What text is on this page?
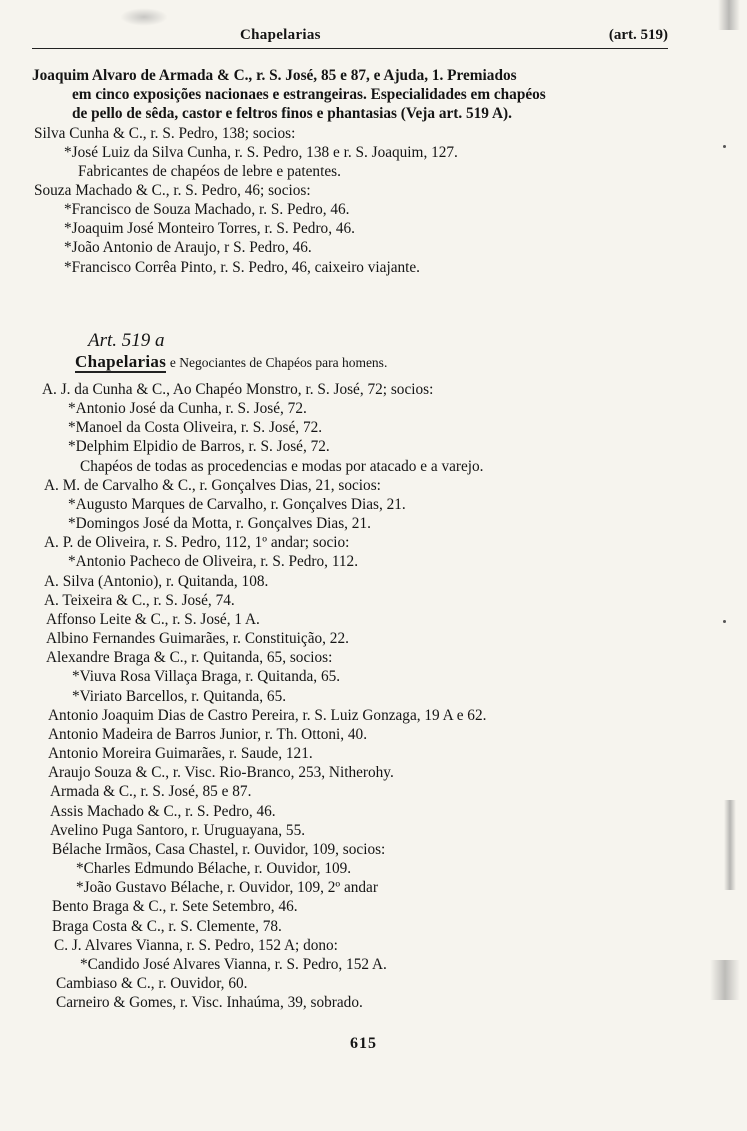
Chapelarias	(art. 519)
Joaquim Alvaro de Armada & C., r. S. José, 85 e 87, e Ajuda, 1. Premiados
em cinco exposições nacionaes e estrangeiras. Especialidades em chapéos
de pello de sêda, castor e feltros finos e phantasias (Veja art. 519 A).
Silva Cunha & C., r. S. Pedro, 138; socios:
*José Luiz da Silva Cunha, r. S. Pedro, 138 e r. S. Joaquim, 127.
Fabricantes de chapéos de lebre e patentes.
Souza Machado & C., r. S. Pedro, 46; socios:
*Francisco de Souza Machado, r. S. Pedro, 46.
*Joaquim José Monteiro Torres, r. S. Pedro, 46.
*João Antonio de Araujo, r S. Pedro, 46.
*Francisco Corrêa Pinto, r. S. Pedro, 46, caixeiro viajante.
Art. 519 a
Chapelarias e Negociantes de Chapéos para homens.
A. J. da Cunha & C., Ao Chapéo Monstro, r. S. José, 72; socios:
*Antonio José da Cunha, r. S. José, 72.
*Manoel da Costa Oliveira, r. S. José, 72.
*Delphim Elpidio de Barros, r. S. José, 72.
Chapéos de todas as procedencias e modas por atacado e a varejo.
A. M. de Carvalho & C., r. Gonçalves Dias, 21, socios:
*Augusto Marques de Carvalho, r. Gonçalves Dias, 21.
*Domingos José da Motta, r. Gonçalves Dias, 21.
A. P. de Oliveira, r. S. Pedro, 112, 1º andar; socio:
*Antonio Pacheco de Oliveira, r. S. Pedro, 112.
A. Silva (Antonio), r. Quitanda, 108.
A. Teixeira & C., r. S. José, 74.
Affonso Leite & C., r. S. José, 1 A.
Albino Fernandes Guimarães, r. Constituição, 22.
Alexandre Braga & C., r. Quitanda, 65, socios:
*Viuva Rosa Villaça Braga, r. Quitanda, 65.
*Viriato Barcellos, r. Quitanda, 65.
Antonio Joaquim Dias de Castro Pereira, r. S. Luiz Gonzaga, 19 A e 62.
Antonio Madeira de Barros Junior, r. Th. Ottoni, 40.
Antonio Moreira Guimarães, r. Saude, 121.
Araujo Souza & C., r. Visc. Rio-Branco, 253, Nitherohy.
Armada & C., r. S. José, 85 e 87.
Assis Machado & C., r. S. Pedro, 46.
Avelino Puga Santoro, r. Uruguayana, 55.
Bélache Irmãos, Casa Chastel, r. Ouvidor, 109, socios:
*Charles Edmundo Bélache, r. Ouvidor, 109.
*João Gustavo Bélache, r. Ouvidor, 109, 2º andar
Bento Braga & C., r. Sete Setembro, 46.
Braga Costa & C., r. S. Clemente, 78.
C. J. Alvares Vianna, r. S. Pedro, 152 A; dono:
*Candido José Alvares Vianna, r. S. Pedro, 152 A.
Cambiaso & C., r. Ouvidor, 60.
Carneiro & Gomes, r. Visc. Inhaúma, 39, sobrado.
615
